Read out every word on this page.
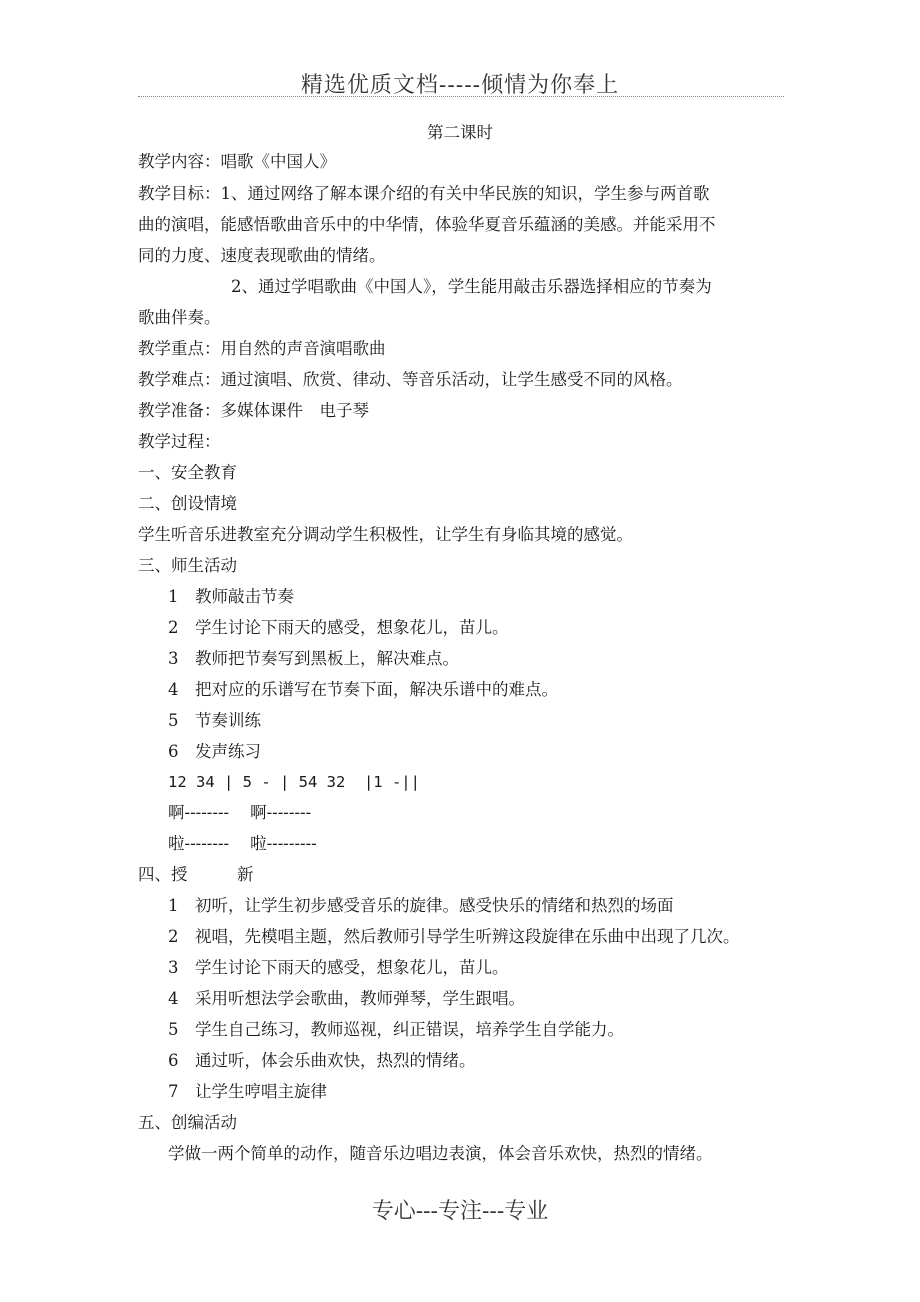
精选优质文档-----倾情为你奉上
第二课时
教学内容：唱歌《中国人》
教学目标：1、通过网络了解本课介绍的有关中华民族的知识，学生参与两首歌
曲的演唱，能感悟歌曲音乐中的中华情，体验华夏音乐蕴涵的美感。并能采用不
同的力度、速度表现歌曲的情绪。
2、通过学唱歌曲《中国人》，学生能用敲击乐器选择相应的节奏为
歌曲伴奏。
教学重点：用自然的声音演唱歌曲
教学难点：通过演唱、欣赏、律动、等音乐活动，让学生感受不同的风格。
教学准备：多媒体课件　电子琴
教学过程：
一、安全教育
二、创设情境
学生听音乐进教室充分调动学生积极性，让学生有身临其境的感觉。
三、师生活动
1　教师敲击节奏
2　学生讨论下雨天的感受，想象花儿，苗儿。
3　教师把节奏写到黑板上，解决难点。
4　把对应的乐谱写在节奏下面，解决乐谱中的难点。
5　节奏训练
6　发声练习
12 34 | 5 - | 54 32  |1 -||
啊--------    啊--------
啦--------    啦---------
四、授　　　新
1　初听，让学生初步感受音乐的旋律。感受快乐的情绪和热烈的场面
2　视唱，先模唱主题，然后教师引导学生听辨这段旋律在乐曲中出现了几次。
3　学生讨论下雨天的感受，想象花儿，苗儿。
4　采用听想法学会歌曲，教师弹琴，学生跟唱。
5　学生自己练习，教师巡视，纠正错误，培养学生自学能力。
6　通过听，体会乐曲欢快，热烈的情绪。
7　让学生哼唱主旋律
五、创编活动
学做一两个简单的动作，随音乐边唱边表演，体会音乐欢快，热烈的情绪。
专心---专注---专业
